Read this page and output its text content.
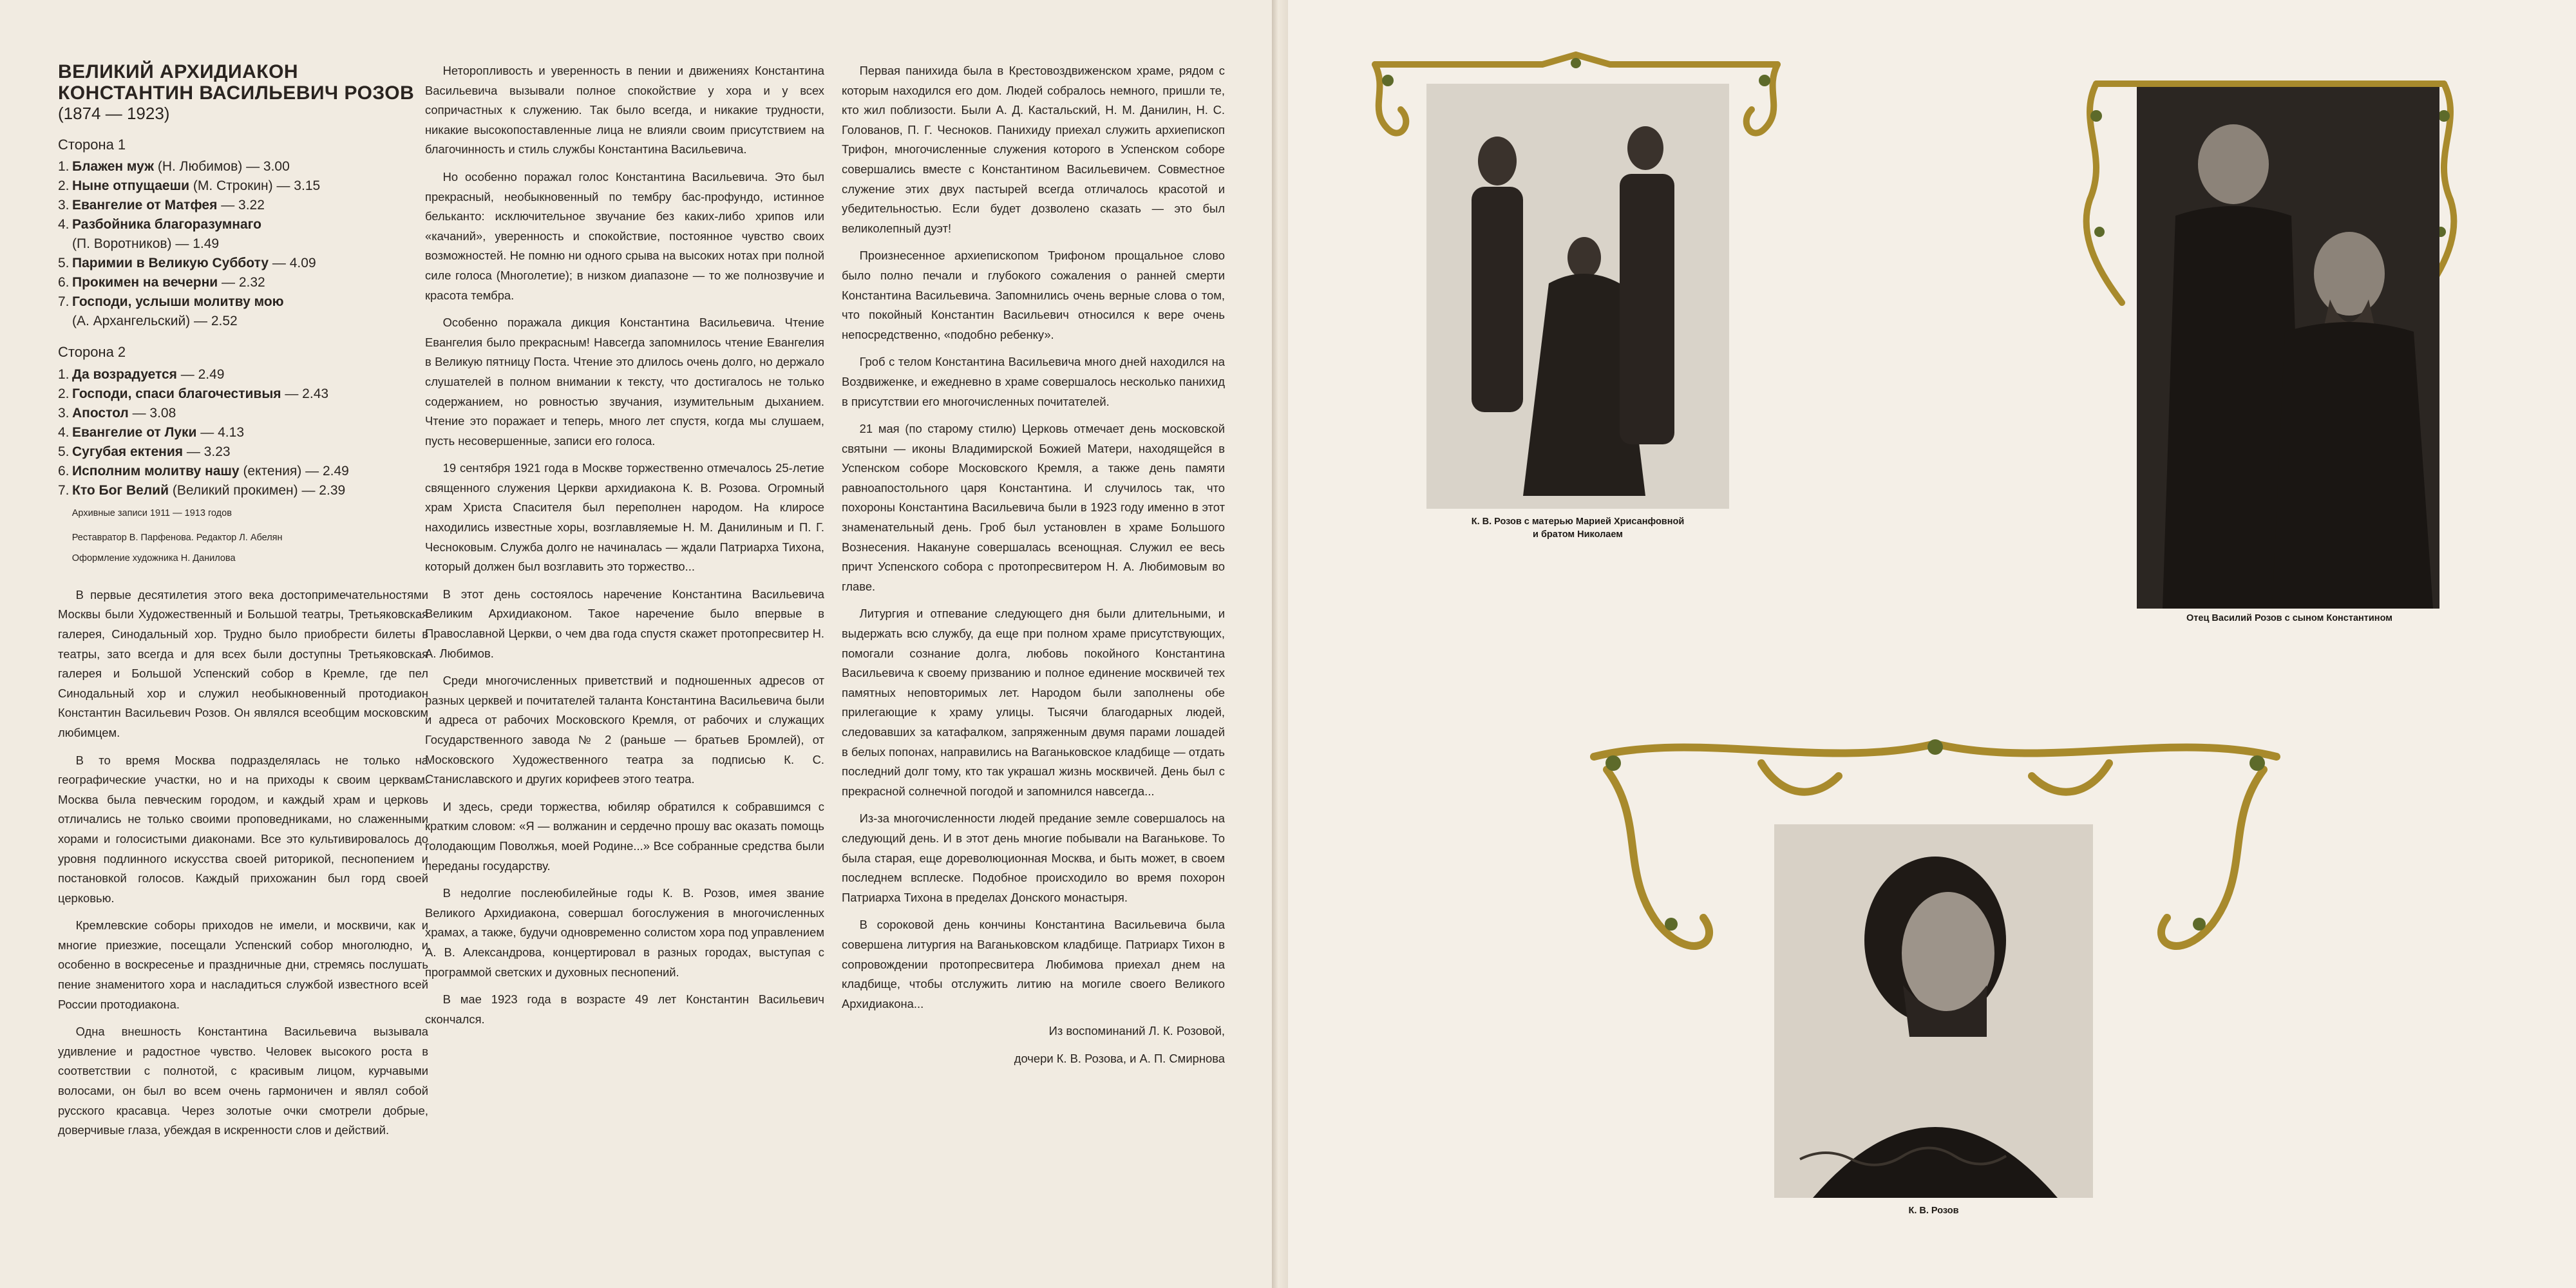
ВЕЛИКИЙ АРХИДИАКОН
КОНСТАНТИН ВАСИЛЬЕВИЧ РОЗОВ
(1874 — 1923)
Сторона 1
1. Блажен муж (Н. Любимов) — 3.00
2. Ныне отпущаеши (М. Строкин) — 3.15
3. Евангелие от Матфея — 3.22
4. Разбойника благоразумнаго
(П. Воротников) — 1.49
5. Паримии в Великую Субботу — 4.09
6. Прокимен на вечерни — 2.32
7. Господи, услыши молитву мою
(А. Архангельский) — 2.52
Сторона 2
1. Да возрадуется — 2.49
2. Господи, спаси благочестивыя — 2.43
3. Апостол — 3.08
4. Евангелие от Луки — 4.13
5. Сугубая ектения — 3.23
6. Исполним молитву нашу (ектения) — 2.49
7. Кто Бог Велий (Великий прокимен) — 2.39

Архивные записи 1911 — 1913 годов

Реставратор В. Парфенова. Редактор Л. Абелян

Оформление художника Н. Данилова

В первые десятилетия этого века достопримечательностями Москвы были Художественный и Большой театры, Третьяковская галерея, Синодальный хор. Трудно было приобрести билеты в театры, зато всегда и для всех были доступны Третьяковская галерея и Большой Успенский собор в Кремле, где пел Синодальный хор и служил необыкновенный протодиакон Константин Васильевич Розов. Он являлся всеобщим московским любимцем.

В то время Москва подразделялась не только на географические участки, но и на приходы к своим церквам. Москва была певческим городом, и каждый храм и церковь отличались не только своими проповедниками, но слаженными хорами и голосистыми диаконами. Все это культивировалось до уровня подлинного искусства своей риторикой, песнопением и постановкой голосов. Каждый прихожанин был горд своей церковью.

Кремлевские соборы приходов не имели, и москвичи, как и многие приезжие, посещали Успенский собор многолюдно, и особенно в воскресенье и праздничные дни, стремясь послушать пение знаменитого хора и насладиться службой известного всей России протодиакона.

Одна внешность Константина Васильевича вызывала удивление и радостное чувство. Человек высокого роста в соответствии с полнотой, с красивым лицом, курчавыми волосами, он был во всем очень гармоничен и являл собой русского красавца. Через золотые очки смотрели добрые, доверчивые глаза, убеждая в искренности слов и действий.

Неторопливость и уверенность в пении и движениях Константина Васильевича вызывали полное спокойствие у хора и у всех сопричастных к служению. Так было всегда, и никакие трудности, никакие высокопоставленные лица не влияли своим присутствием на благочинность и стиль службы Константина Васильевича.

Но особенно поражал голос Константина Васильевича. Это был прекрасный, необыкновенный по тембру бас-профундо, истинное бельканто: исключительное звучание без каких-либо хрипов или «качаний», уверенность и спокойствие, постоянное чувство своих возможностей. Не помню ни одного срыва на высоких нотах при полной силе голоса (Многолетие); в низком диапазоне — то же полнозвучие и красота тембра.

Особенно поражала дикция Константина Васильевича. Чтение Евангелия было прекрасным! Навсегда запомнилось чтение Евангелия в Великую пятницу Поста. Чтение это длилось очень долго, но держало слушателей в полном внимании к тексту, что достигалось не только содержанием, но ровностью звучания, изумительным дыханием. Чтение это поражает и теперь, много лет спустя, когда мы слушаем, пусть несовершенные, записи его голоса.

19 сентября 1921 года в Москве торжественно отмечалось 25-летие священного служения Церкви архидиакона К. В. Розова. Огромный храм Христа Спасителя был переполнен народом. На клиросе находились известные хоры, возглавляемые Н. М. Данилиным и П. Г. Чесноковым. Служба долго не начиналась — ждали Патриарха Тихона, который должен был возглавить это торжество...

В этот день состоялось наречение Константина Васильевича Великим Архидиаконом. Такое наречение было впервые в Православной Церкви, о чем два года спустя скажет протопресвитер Н. А. Любимов.

Среди многочисленных приветствий и подношенных адресов от разных церквей и почитателей таланта Константина Васильевича были и адреса от рабочих Московского Кремля, от рабочих и служащих Государственного завода № 2 (раньше — братьев Бромлей), от Московского Художественного театра за подписью К. С. Станиславского и других корифеев этого театра.

И здесь, среди торжества, юбиляр обратился к собравшимся с кратким словом: «Я — волжанин и сердечно прошу вас оказать помощь голодающим Поволжья, моей Родине...» Все собранные средства были переданы государству.

В недолгие послеюбилейные годы К. В. Розов, имея звание Великого Архидиакона, совершал богослужения в многочисленных храмах, а также, будучи одновременно солистом хора под управлением А. В. Александрова, концертировал в разных городах, выступая с программой светских и духовных песнопений.

В мае 1923 года в возрасте 49 лет Константин Васильевич скончался.

Первая панихида была в Крестовоздвиженском храме, рядом с которым находился его дом. Людей собралось немного, пришли те, кто жил поблизости. Были А. Д. Кастальский, Н. М. Данилин, Н. С. Голованов, П. Г. Чесноков. Панихиду приехал служить архиепископ Трифон, многочисленные служения которого в Успенском соборе совершались вместе с Константином Васильевичем. Совместное служение этих двух пастырей всегда отличалось красотой и убедительностью. Если будет дозволено сказать — это был великолепный дуэт!

Произнесенное архиепископом Трифоном прощальное слово было полно печали и глубокого сожаления о ранней смерти Константина Васильевича. Запомнились очень верные слова о том, что покойный Константин Васильевич относился к вере очень непосредственно, «подобно ребенку».

Гроб с телом Константина Васильевича много дней находился на Воздвиженке, и ежедневно в храме совершалось несколько панихид в присутствии его многочисленных почитателей.

21 мая (по старому стилю) Церковь отмечает день московской святыни — иконы Владимирской Божией Матери, находящейся в Успенском соборе Московского Кремля, а также день памяти равноапостольного царя Константина. И случилось так, что похороны Константина Васильевича были в 1923 году именно в этот знаменательный день. Гроб был установлен в храме Большого Вознесения. Накануне совершалась всенощная. Служил ее весь причт Успенского собора с протопресвитером Н. А. Любимовым во главе.

Литургия и отпевание следующего дня были длительными, и выдержать всю службу, да еще при полном храме присутствующих, помогали сознание долга, любовь покойного Константина Васильевича к своему призванию и полное единение москвичей тех памятных неповторимых лет. Народом были заполнены обе прилегающие к храму улицы. Тысячи благодарных людей, следовавших за катафалком, запряженным двумя парами лошадей в белых попонах, направились на Ваганьковское кладбище — отдать последний долг тому, кто так украшал жизнь москвичей. День был с прекрасной солнечной погодой и запомнился навсегда...

Из-за многочисленности людей предание земле совершалось на следующий день. И в этот день многие побывали на Ваганькове. То была старая, еще дореволюционная Москва, и быть может, в своем последнем всплеске. Подобное происходило во время похорон Патриарха Тихона в пределах Донского монастыря.

В сороковой день кончины Константина Васильевича была совершена литургия на Ваганьковском кладбище. Патриарх Тихон в сопровождении протопресвитера Любимова приехал днем на кладбище, чтобы отслужить литию на могиле своего Великого Архидиакона...

Из воспоминаний Л. К. Розовой,

дочери К. В. Розова, и А. П. Смирнова

К. В. Розов с матерью Марией Хрисанфовной
и братом Николаем
Отец Василий Розов с сыном Константином
К. В. Розов
